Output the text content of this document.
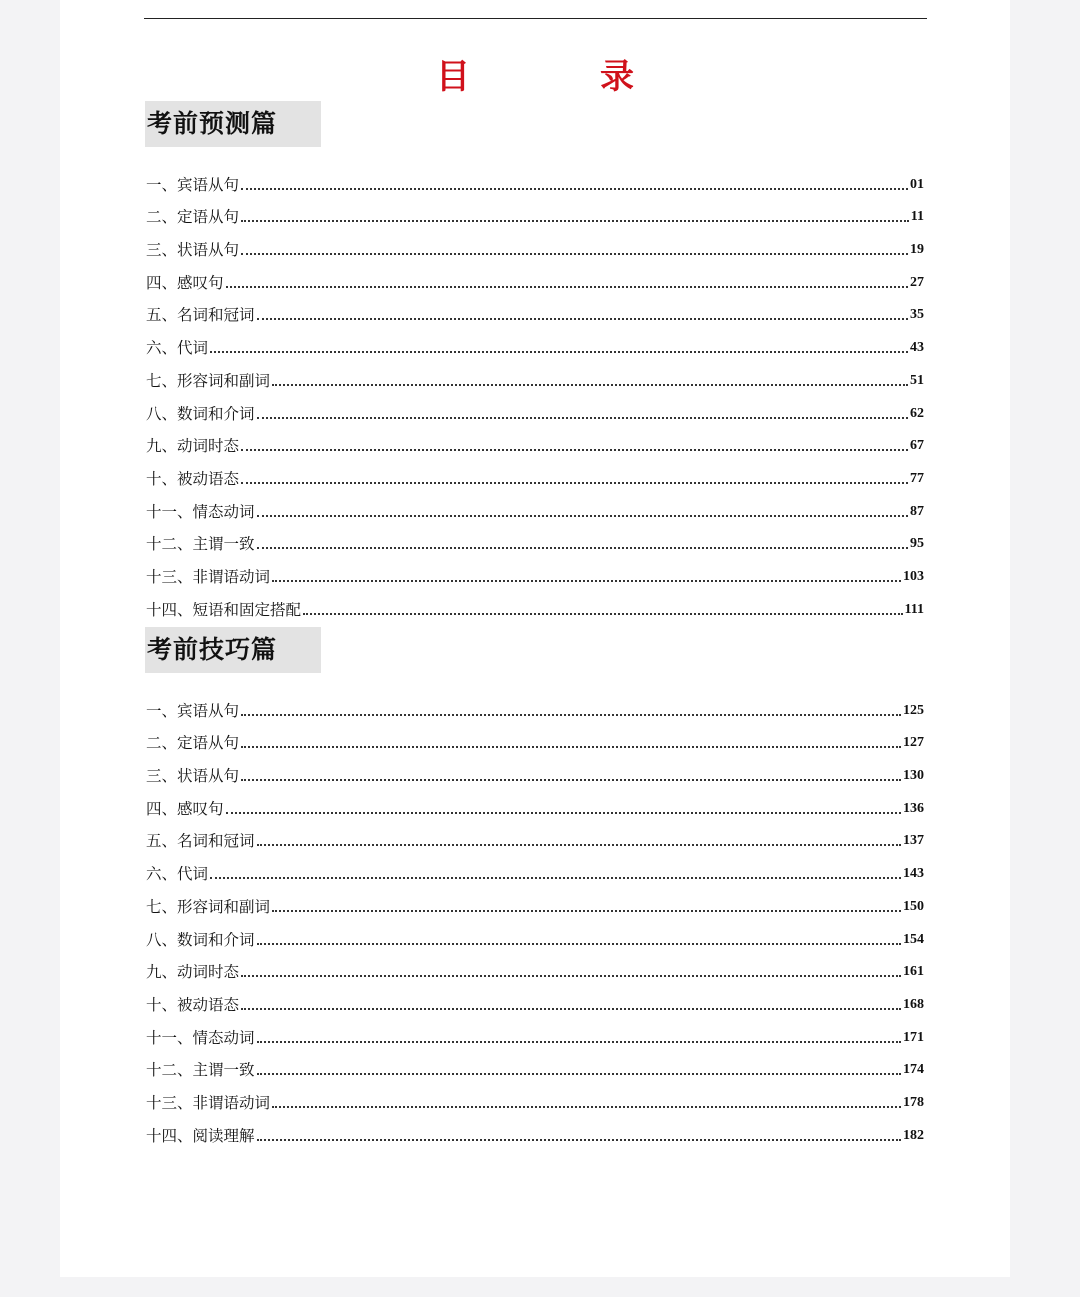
目　录
考前预测篇
一、宾语从句	01
二、定语从句	11
三、状语从句	19
四、感叹句	27
五、名词和冠词	35
六、代词	43
七、形容词和副词	51
八、数词和介词	62
九、动词时态	67
十、被动语态	77
十一、情态动词	87
十二、主谓一致	95
十三、非谓语动词	103
十四、短语和固定搭配	111
考前技巧篇
一、宾语从句	125
二、定语从句	127
三、状语从句	130
四、感叹句	136
五、名词和冠词	137
六、代词	143
七、形容词和副词	150
八、数词和介词	154
九、动词时态	161
十、被动语态	168
十一、情态动词	171
十二、主谓一致	174
十三、非谓语动词	178
十四、阅读理解	182
